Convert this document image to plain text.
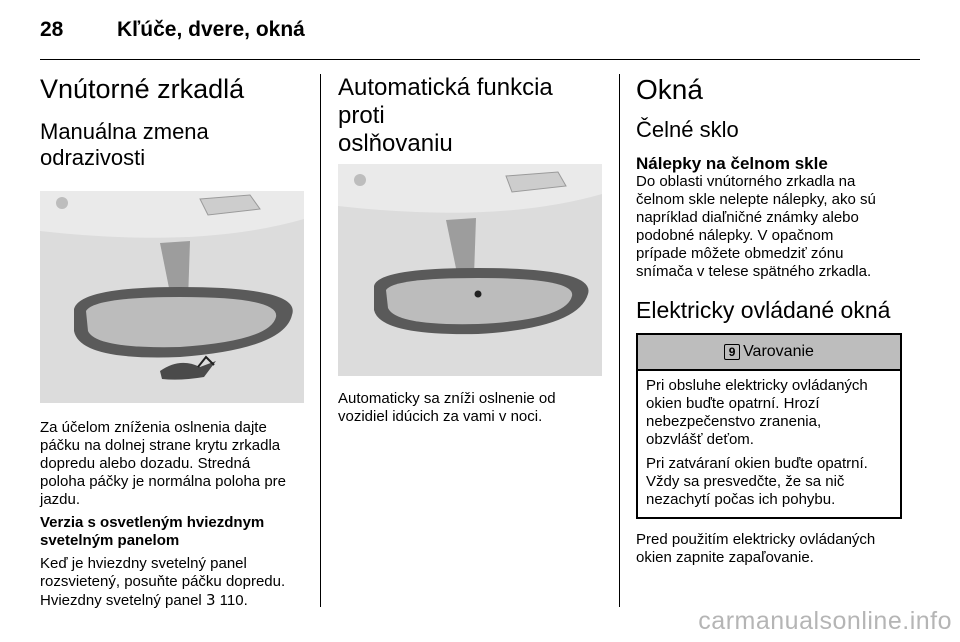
28	Kľúče, dvere, okná
Vnútorné zrkadlá
Manuálna zmena
odrazivosti

Za účelom zníženia oslnenia dajte
páčku na dolnej strane krytu zrkadla
dopredu alebo dozadu. Stredná
poloha páčky je normálna poloha pre
jazdu.

Verzia s osvetleným hviezdnym
svetelným panelom

Keď je hviezdny svetelný panel
rozsvietený, posuňte páčku dopredu.
Hviezdny svetelný panel 3 110.

Automatická funkcia proti
oslňovaniu

Automaticky sa zníži oslnenie od
vozidiel idúcich za vami v noci.

Okná
Čelné sklo
Nálepky na čelnom skle

Do oblasti vnútorného zrkadla na
čelnom skle nelepte nálepky, ako sú
napríklad diaľničné známky alebo
podobné nálepky. V opačnom
prípade môžete obmedziť zónu
snímača v telese spätného zrkadla.

Elektricky ovládané okná
9 Varovanie

Pri obsluhe elektricky ovládaných
okien buďte opatrní. Hrozí
nebezpečenstvo zranenia,
obzvlášť deťom.

Pri zatváraní okien buďte opatrní.
Vždy sa presvedčte, že sa nič
nezachytí počas ich pohybu.

Pred použitím elektricky ovládaných
okien zapnite zapaľovanie.

carmanualsonline.info
